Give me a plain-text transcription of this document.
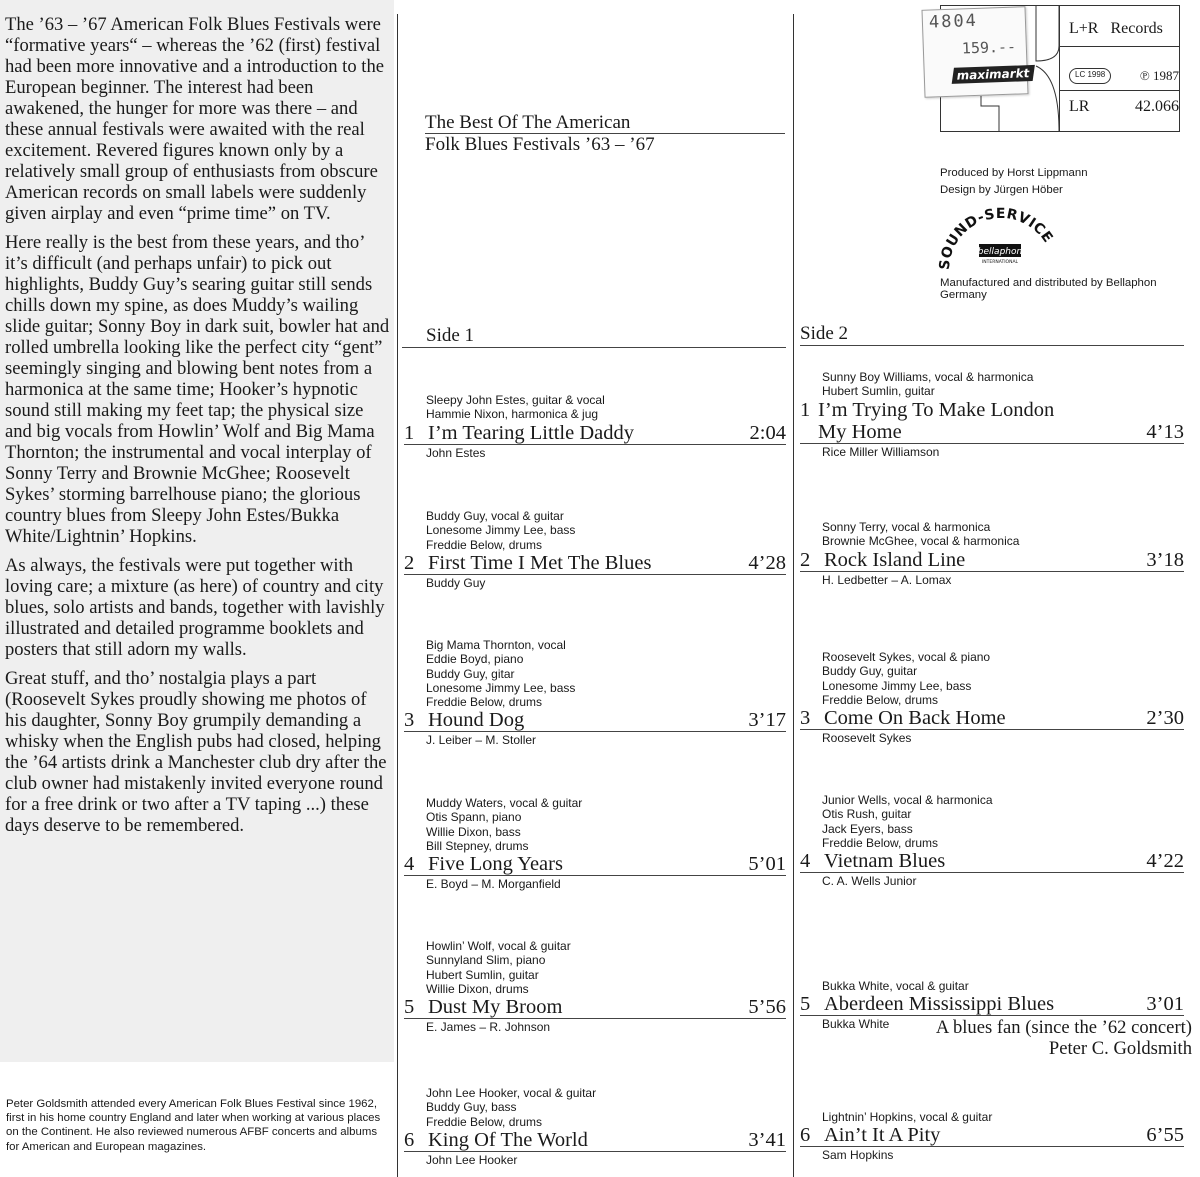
The ’63 – ’67 American Folk Blues Festivals were “formative years“ – whereas the ’62 (first) festival had been more innovative and a introduction to the European beginner. The interest had been awakened, the hunger for more was there – and these annual festivals were awaited with the real excitement. Revered figures known only by a relatively small group of enthusiasts from obscure American records on small labels were suddenly given airplay and even “prime time” on TV.

Here really is the best from these years, and tho’ it’s difficult (and perhaps unfair) to pick out highlights, Buddy Guy’s searing guitar still sends chills down my spine, as does Muddy’s wailing slide guitar; Sonny Boy in dark suit, bowler hat and rolled umbrella looking like the perfect city “gent” seemingly singing and blowing bent notes from a harmonica at the same time; Hooker’s hypnotic sound still making my feet tap; the physical size and big vocals from Howlin’ Wolf and Big Mama Thornton; the instrumental and vocal interplay of Sonny Terry and Brownie McGhee; Roosevelt Sykes’ storming barrelhouse piano; the glorious country blues from Sleepy John Estes/Bukka White/Lightnin’ Hopkins.

As always, the festivals were put together with loving care; a mixture (as here) of country and city blues, solo artists and bands, together with lavishly illustrated and detailed programme booklets and posters that still adorn my walls.

Great stuff, and tho’ nostalgia plays a part (Roosevelt Sykes proudly showing me photos of his daughter, Sonny Boy grumpily demanding a whisky when the English pubs had closed, helping the ’64 artists drink a Manchester club dry after the club owner had mistakenly invited everyone round for a free drink or two after a TV taping ...) these days deserve to be remembered.

A blues fan (since the ’62 concert)
Peter C. Goldsmith
Peter Goldsmith attended every American Folk Blues Festival since 1962, first in his home country England and later when working at various places on the Continent. He also reviewed numerous AFBF concerts and albums for American and European magazines.
The Best Of The American
Folk Blues Festivals ’63 – ’67
Side 1	Side 2
Sleepy John Estes, guitar & vocal
Hammie Nixon, harmonica & jug
1 I’m Tearing Little Daddy	2:04
John Estes
Buddy Guy, vocal & guitar
Lonesome Jimmy Lee, bass
Freddie Below, drums
2 First Time I Met The Blues	4’28
Buddy Guy
Big Mama Thornton, vocal
Eddie Boyd, piano
Buddy Guy, gitar
Lonesome Jimmy Lee, bass
Freddie Below, drums
3 Hound Dog	3’17
J. Leiber – M. Stoller
Muddy Waters, vocal & guitar
Otis Spann, piano
Willie Dixon, bass
Bill Stepney, drums
4 Five Long Years	5’01
E. Boyd – M. Morganfield
Howlin’ Wolf, vocal & guitar
Sunnyland Slim, piano
Hubert Sumlin, guitar
Willie Dixon, drums
5 Dust My Broom	5’56
E. James – R. Johnson
John Lee Hooker, vocal & guitar
Buddy Guy, bass
Freddie Below, drums
6 King Of The World	3’41
John Lee Hooker
Sunny Boy Williams, vocal & harmonica
Hubert Sumlin, guitar
1 I’m Trying To Make London
My Home	4’13
Rice Miller Williamson
Sonny Terry, vocal & harmonica
Brownie McGhee, vocal & harmonica
2 Rock Island Line	3’18
H. Ledbetter – A. Lomax
Roosevelt Sykes, vocal & piano
Buddy Guy, guitar
Lonesome Jimmy Lee, bass
Freddie Below, drums
3 Come On Back Home	2’30
Roosevelt Sykes
Junior Wells, vocal & harmonica
Otis Rush, guitar
Jack Eyers, bass
Freddie Below, drums
4 Vietnam Blues	4’22
C. A. Wells Junior
Bukka White, vocal & guitar
5 Aberdeen Mississippi Blues	3’01
Bukka White
Lightnin’ Hopkins, vocal & guitar
6 Ain’t It A Pity	6’55
Sam Hopkins
L+R Records
LC 1998	℗ 1987
LR	42.066
4804
159.--
maximarkt
Produced by Horst Lippmann
Design by Jürgen Höber
SOUND-SERVICE
bellaphon
INTERNATIONAL
Manufactured and distributed by Bellaphon Germany
